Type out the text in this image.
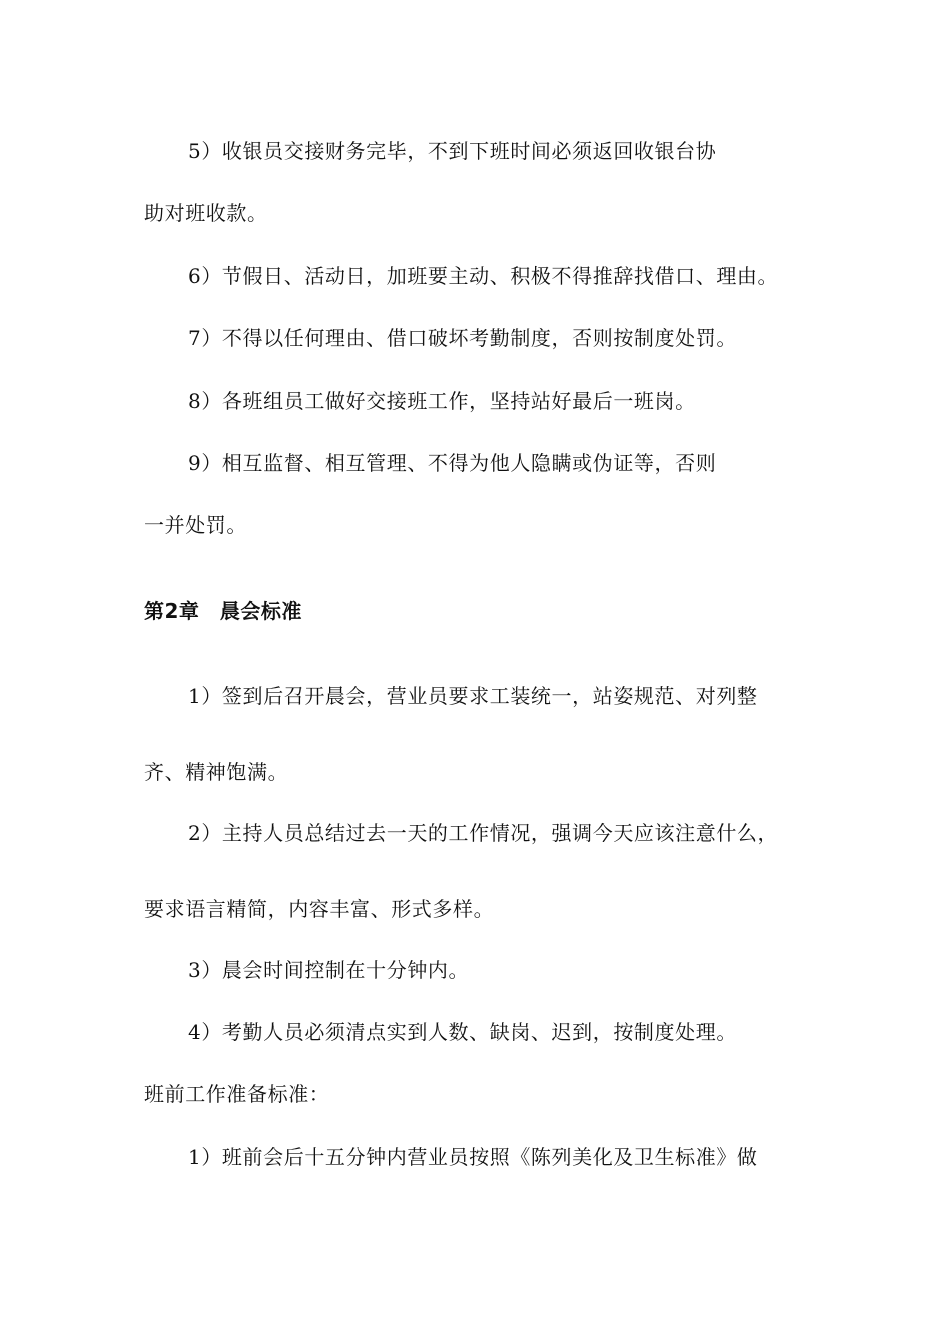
5）收银员交接财务完毕，不到下班时间必须返回收银台协
助对班收款。
6）节假日、活动日，加班要主动、积极不得推辞找借口、理由。
7）不得以任何理由、借口破坏考勤制度，否则按制度处罚。
8）各班组员工做好交接班工作，坚持站好最后一班岗。
9）相互监督、相互管理、不得为他人隐瞒或伪证等，否则
一并处罚。
第2章　晨会标准
1）签到后召开晨会，营业员要求工装统一，站姿规范、对列整
齐、精神饱满。
2）主持人员总结过去一天的工作情况，强调今天应该注意什么，
要求语言精简，内容丰富、形式多样。
3）晨会时间控制在十分钟内。
4）考勤人员必须清点实到人数、缺岗、迟到，按制度处理。
班前工作准备标准：
1）班前会后十五分钟内营业员按照《陈列美化及卫生标准》做
